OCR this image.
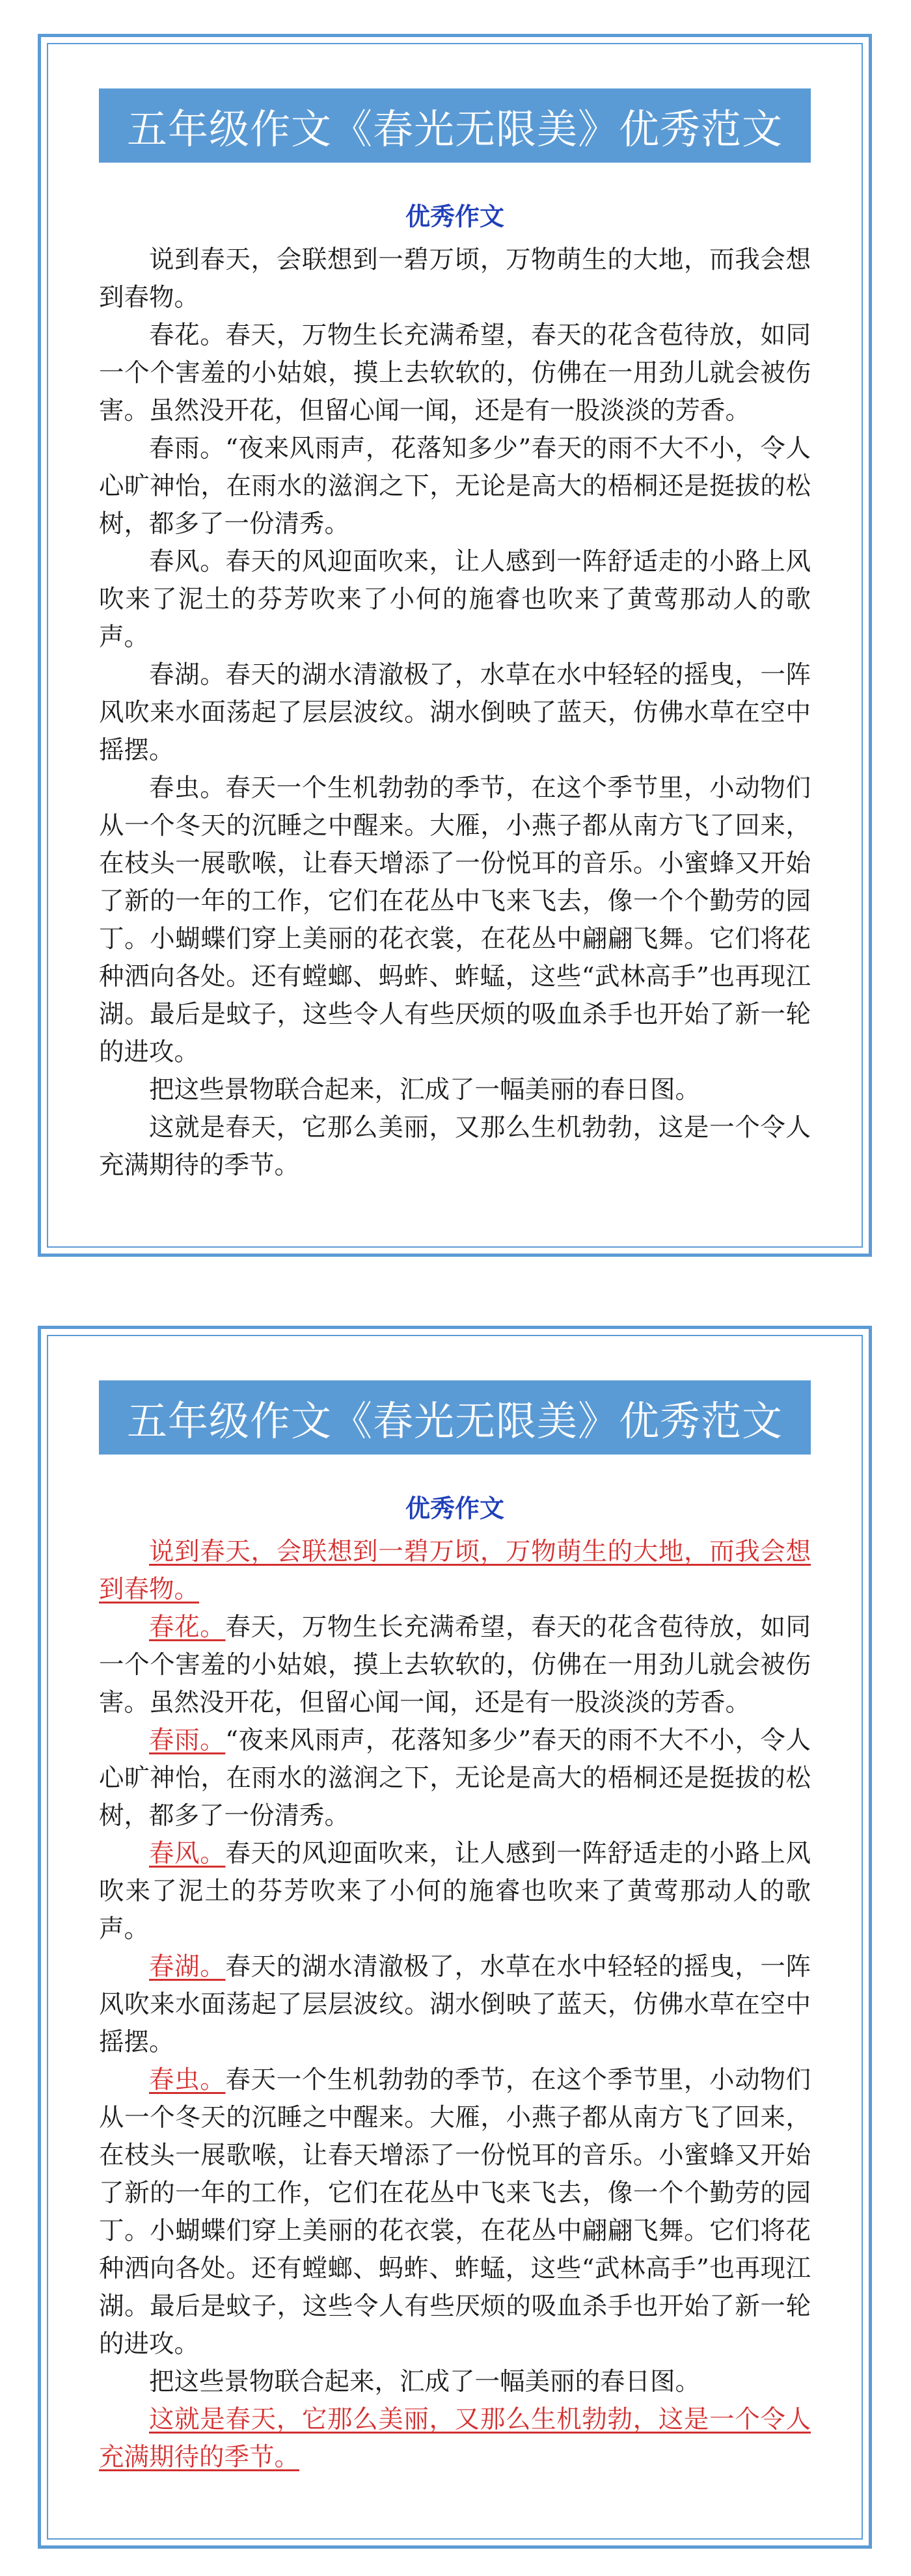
五年级作文《春光无限美》优秀范文
优秀作文

说到春天，会联想到一碧万顷，万物萌生的大地，而我会想到春物。

春花。春天，万物生长充满希望，春天的花含苞待放，如同一个个害羞的小姑娘，摸上去软软的，仿佛在一用劲儿就会被伤害。虽然没开花，但留心闻一闻，还是有一股淡淡的芳香。

春雨。“夜来风雨声，花落知多少”春天的雨不大不小，令人心旷神怡，在雨水的滋润之下，无论是高大的梧桐还是挺拔的松树，都多了一份清秀。

春风。春天的风迎面吹来，让人感到一阵舒适走的小路上风吹来了泥土的芬芳吹来了小何的施睿也吹来了黄莺那动人的歌声。

春湖。春天的湖水清澈极了，水草在水中轻轻的摇曳，一阵风吹来水面荡起了层层波纹。湖水倒映了蓝天，仿佛水草在空中摇摆。

春虫。春天一个生机勃勃的季节，在这个季节里，小动物们从一个冬天的沉睡之中醒来。大雁，小燕子都从南方飞了回来，在枝头一展歌喉，让春天增添了一份悦耳的音乐。小蜜蜂又开始了新的一年的工作，它们在花丛中飞来飞去，像一个个勤劳的园丁。小蝴蝶们穿上美丽的花衣裳，在花丛中翩翩飞舞。它们将花种洒向各处。还有螳螂、蚂蚱、蚱蜢，这些“武林高手”也再现江湖。最后是蚊子，这些令人有些厌烦的吸血杀手也开始了新一轮的进攻。

把这些景物联合起来，汇成了一幅美丽的春日图。

这就是春天，它那么美丽，又那么生机勃勃，这是一个令人充满期待的季节。

五年级作文《春光无限美》优秀范文
优秀作文

说到春天，会联想到一碧万顷，万物萌生的大地，而我会想到春物。

春花。春天，万物生长充满希望，春天的花含苞待放，如同一个个害羞的小姑娘，摸上去软软的，仿佛在一用劲儿就会被伤害。虽然没开花，但留心闻一闻，还是有一股淡淡的芳香。

春雨。“夜来风雨声，花落知多少”春天的雨不大不小，令人心旷神怡，在雨水的滋润之下，无论是高大的梧桐还是挺拔的松树，都多了一份清秀。

春风。春天的风迎面吹来，让人感到一阵舒适走的小路上风吹来了泥土的芬芳吹来了小何的施睿也吹来了黄莺那动人的歌声。

春湖。春天的湖水清澈极了，水草在水中轻轻的摇曳，一阵风吹来水面荡起了层层波纹。湖水倒映了蓝天，仿佛水草在空中摇摆。

春虫。春天一个生机勃勃的季节，在这个季节里，小动物们从一个冬天的沉睡之中醒来。大雁，小燕子都从南方飞了回来，在枝头一展歌喉，让春天增添了一份悦耳的音乐。小蜜蜂又开始了新的一年的工作，它们在花丛中飞来飞去，像一个个勤劳的园丁。小蝴蝶们穿上美丽的花衣裳，在花丛中翩翩飞舞。它们将花种洒向各处。还有螳螂、蚂蚱、蚱蜢，这些“武林高手”也再现江湖。最后是蚊子，这些令人有些厌烦的吸血杀手也开始了新一轮的进攻。

把这些景物联合起来，汇成了一幅美丽的春日图。

这就是春天，它那么美丽，又那么生机勃勃，这是一个令人充满期待的季节。
